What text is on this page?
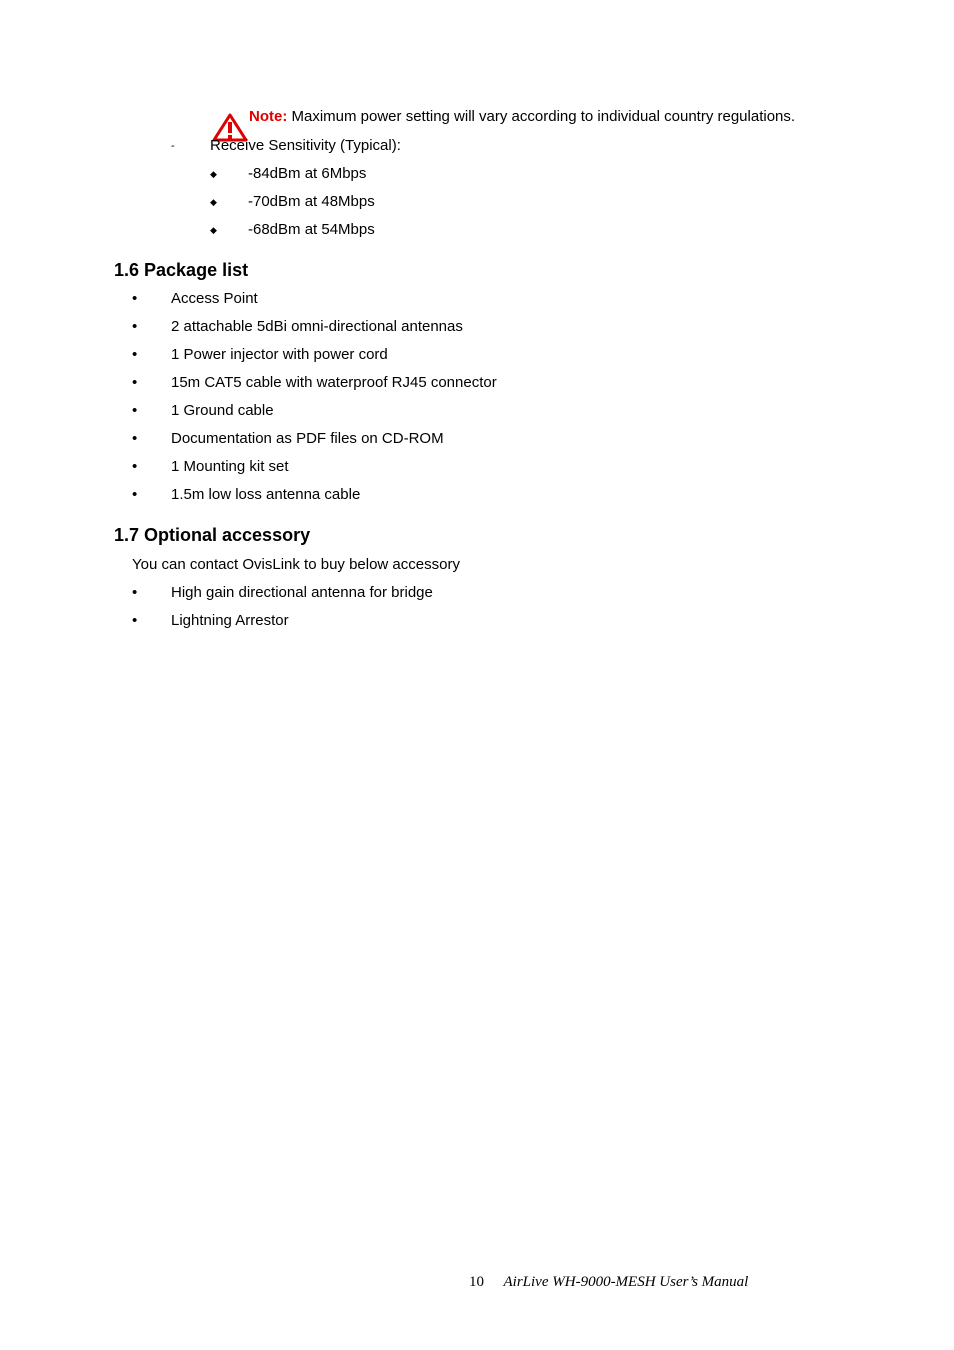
Note: Maximum power setting will vary according to individual country regulations.
- Receive Sensitivity (Typical):
◆ -84dBm at 6Mbps
◆ -70dBm at 48Mbps
◆ -68dBm at 54Mbps
1.6 Package list
• Access Point
• 2 attachable 5dBi omni-directional antennas
• 1 Power injector with power cord
• 15m CAT5 cable with waterproof RJ45 connector
• 1 Ground cable
• Documentation as PDF files on CD-ROM
• 1 Mounting kit set
• 1.5m low loss antenna cable
1.7 Optional accessory
You can contact OvisLink to buy below accessory
• High gain directional antenna for bridge
• Lightning Arrestor
10 AirLive WH-9000-MESH User’s Manual
